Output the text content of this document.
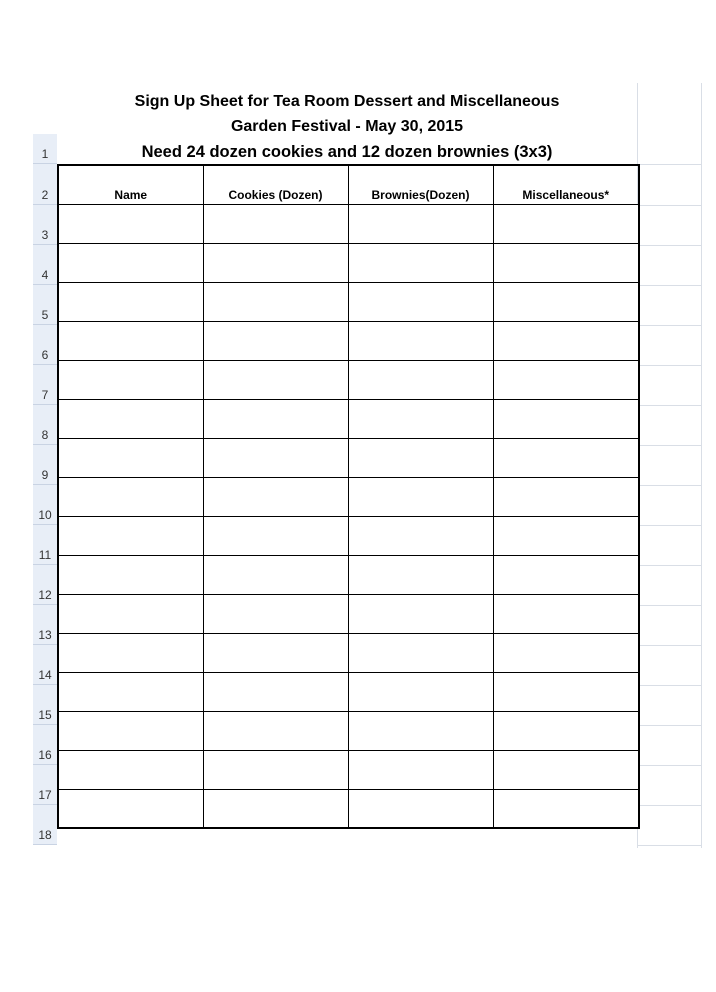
Sign Up Sheet for Tea Room Dessert and Miscellaneous
Garden Festival - May 30, 2015
Need 24 dozen cookies and 12 dozen brownies (3x3)
1
2
3
4
5
6
7
8
9
10
11
12
13
14
15
16
17
18
Name	Cookies (Dozen)	Brownies(Dozen)	Miscellaneous*
